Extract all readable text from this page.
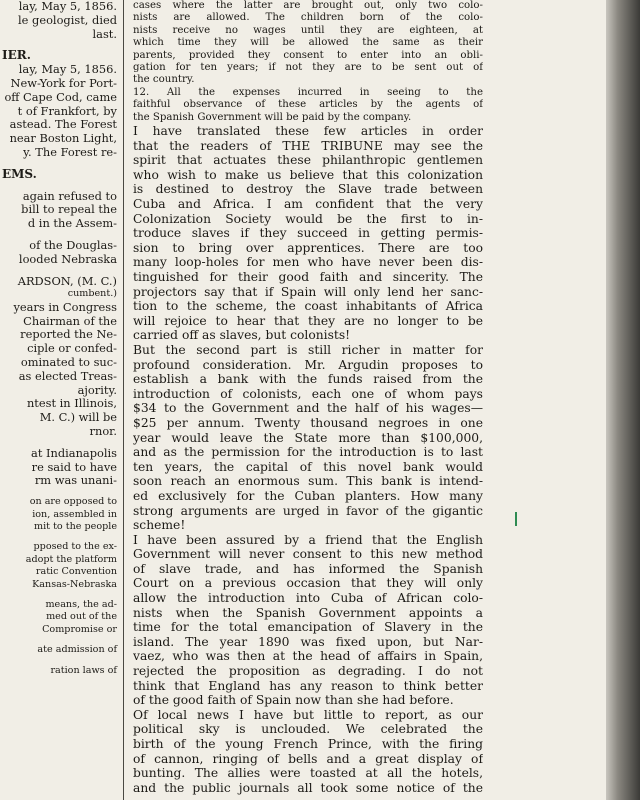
lay, May 5, 1856.
le geologist, died
last.
IER.
lay, May 5, 1856.
New-York for Port-
off Cape Cod, came
t of Frankfort, by
astead. The Forest
near Boston Light,
y. The Forest re-
EMS.
again refused to
bill to repeal the
d in the Assem-
of the Douglas-
looded Nebraska
ARDSON, (M. C.)
cumbent.)
years in Congress
Chairman of the
reported the Ne-
ciple or confed-
ominated to suc-
as elected Treas-
ajority.
ntest in Illinois,
M. C.) will be
rnor.
at Indianapolis
re said to have
rm was unani-
on are opposed to
ion, assembled in
mit to the people
pposed to the ex-
adopt the platform
ratic Convention
Kansas-Nebraska
means, the ad-
med out of the
Compromise or
ate admission of
ration laws of
cases where the latter are brought out, only two colo-
nists are allowed. The children born of the colo-
nists receive no wages until they are eighteen, at
which time they will be allowed the same as their
parents, provided they consent to enter into an obli-
gation for ten years; if not they are to be sent out of
the country.
12. All the expenses incurred in seeing to the
faithful observance of these articles by the agents of
the Spanish Government will be paid by the company.
I have translated these few articles in order
that the readers of THE TRIBUNE may see the
spirit that actuates these philanthropic gentlemen
who wish to make us believe that this colonization
is destined to destroy the Slave trade between
Cuba and Africa. I am confident that the very
Colonization Society would be the first to in-
troduce slaves if they succeed in getting permis-
sion to bring over apprentices. There are too
many loop-holes for men who have never been dis-
tinguished for their good faith and sincerity. The
projectors say that if Spain will only lend her sanc-
tion to the scheme, the coast inhabitants of Africa
will rejoice to hear that they are no longer to be
carried off as slaves, but colonists!
But the second part is still richer in matter for
profound consideration. Mr. Argudin proposes to
establish a bank with the funds raised from the
introduction of colonists, each one of whom pays
$34 to the Government and the half of his wages—
$25 per annum. Twenty thousand negroes in one
year would leave the State more than $100,000,
and as the permission for the introduction is to last
ten years, the capital of this novel bank would
soon reach an enormous sum. This bank is intend-
ed exclusively for the Cuban planters. How many
strong arguments are urged in favor of the gigantic
scheme!
I have been assured by a friend that the English
Government will never consent to this new method
of slave trade, and has informed the Spanish
Court on a previous occasion that they will only
allow the introduction into Cuba of African colo-
nists when the Spanish Government appoints a
time for the total emancipation of Slavery in the
island. The year 1890 was fixed upon, but Nar-
vaez, who was then at the head of affairs in Spain,
rejected the proposition as degrading. I do not
think that England has any reason to think better
of the good faith of Spain now than she had before.
Of local news I have but little to report, as our
political sky is unclouded. We celebrated the
birth of the young French Prince, with the firing
of cannon, ringing of bells and a great display of
bunting. The allies were toasted at all the hotels,
and the public journals all took some notice of the
